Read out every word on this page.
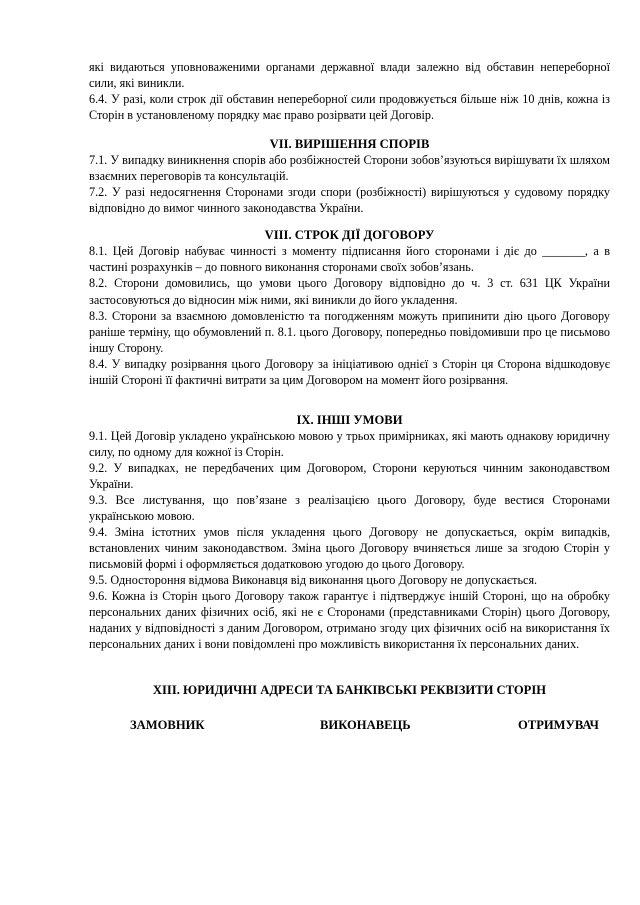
які видаються уповноваженими органами державної влади залежно від обставин непереборної сили, які виникли.

6.4. У разі, коли строк дії обставин непереборної сили продовжується більше ніж 10 днів, кожна із Сторін в установленому порядку має право розірвати цей Договір.

VII. ВИРІШЕННЯ СПОРІВ

7.1. У випадку виникнення спорів або розбіжностей Сторони зобов’язуються вирішувати їх шляхом взаємних переговорів та консультацій.

7.2. У разі недосягнення Сторонами згоди спори (розбіжності) вирішуються у судовому порядку відповідно до вимог чинного законодавства України.

VIII. СТРОК ДІЇ ДОГОВОРУ

8.1. Цей Договір набуває чинності з моменту підписання його сторонами і діє до _______, а в частині розрахунків – до повного виконання сторонами своїх зобов’язань.

8.2. Сторони домовились, що умови цього Договору відповідно до ч. 3 ст. 631 ЦК України застосовуються до відносин між ними, які виникли до його укладення.

8.3. Сторони за взаємною домовленістю та погодженням можуть припинити дію цього Договору раніше терміну, що обумовлений п. 8.1. цього Договору, попередньо повідомивши про це письмово іншу Сторону.

8.4. У випадку розірвання цього Договору за ініціативою однієї з Сторін ця Сторона відшкодовує іншій Стороні її фактичні витрати за цим Договором на момент його розірвання.

IX. ІНШІ УМОВИ

9.1. Цей Договір укладено українською мовою у трьох примірниках, які мають однакову юридичну силу, по одному для кожної із Сторін.

9.2. У випадках, не передбачених цим Договором, Сторони керуються чинним законодавством України.

9.3. Все листування, що пов’язане з реалізацією цього Договору, буде вестися Сторонами українською мовою.

9.4. Зміна істотних умов після укладення цього Договору не допускається, окрім випадків, встановлених чиним законодавством. Зміна цього Договору вчиняється лише за згодою Сторін у письмовій формі і оформляється додатковою угодою до цього Договору.

9.5. Одностороння відмова Виконавця від виконання цього Договору не допускається.

9.6. Кожна із Сторін цього Договору також гарантує і підтверджує іншій Стороні, що на обробку персональних даних фізичних осіб, які не є Сторонами (представниками Сторін) цього Договору, наданих у відповідності з даним Договором, отримано згоду цих фізичних осіб на використання їх персональних даних і вони повідомлені про можливість використання їх персональних даних.

XIII. ЮРИДИЧНІ АДРЕСИ ТА БАНКІВСЬКІ РЕКВІЗИТИ СТОРІН
ЗАМОВНИК	ВИКОНАВЕЦЬ	ОТРИМУВАЧ
